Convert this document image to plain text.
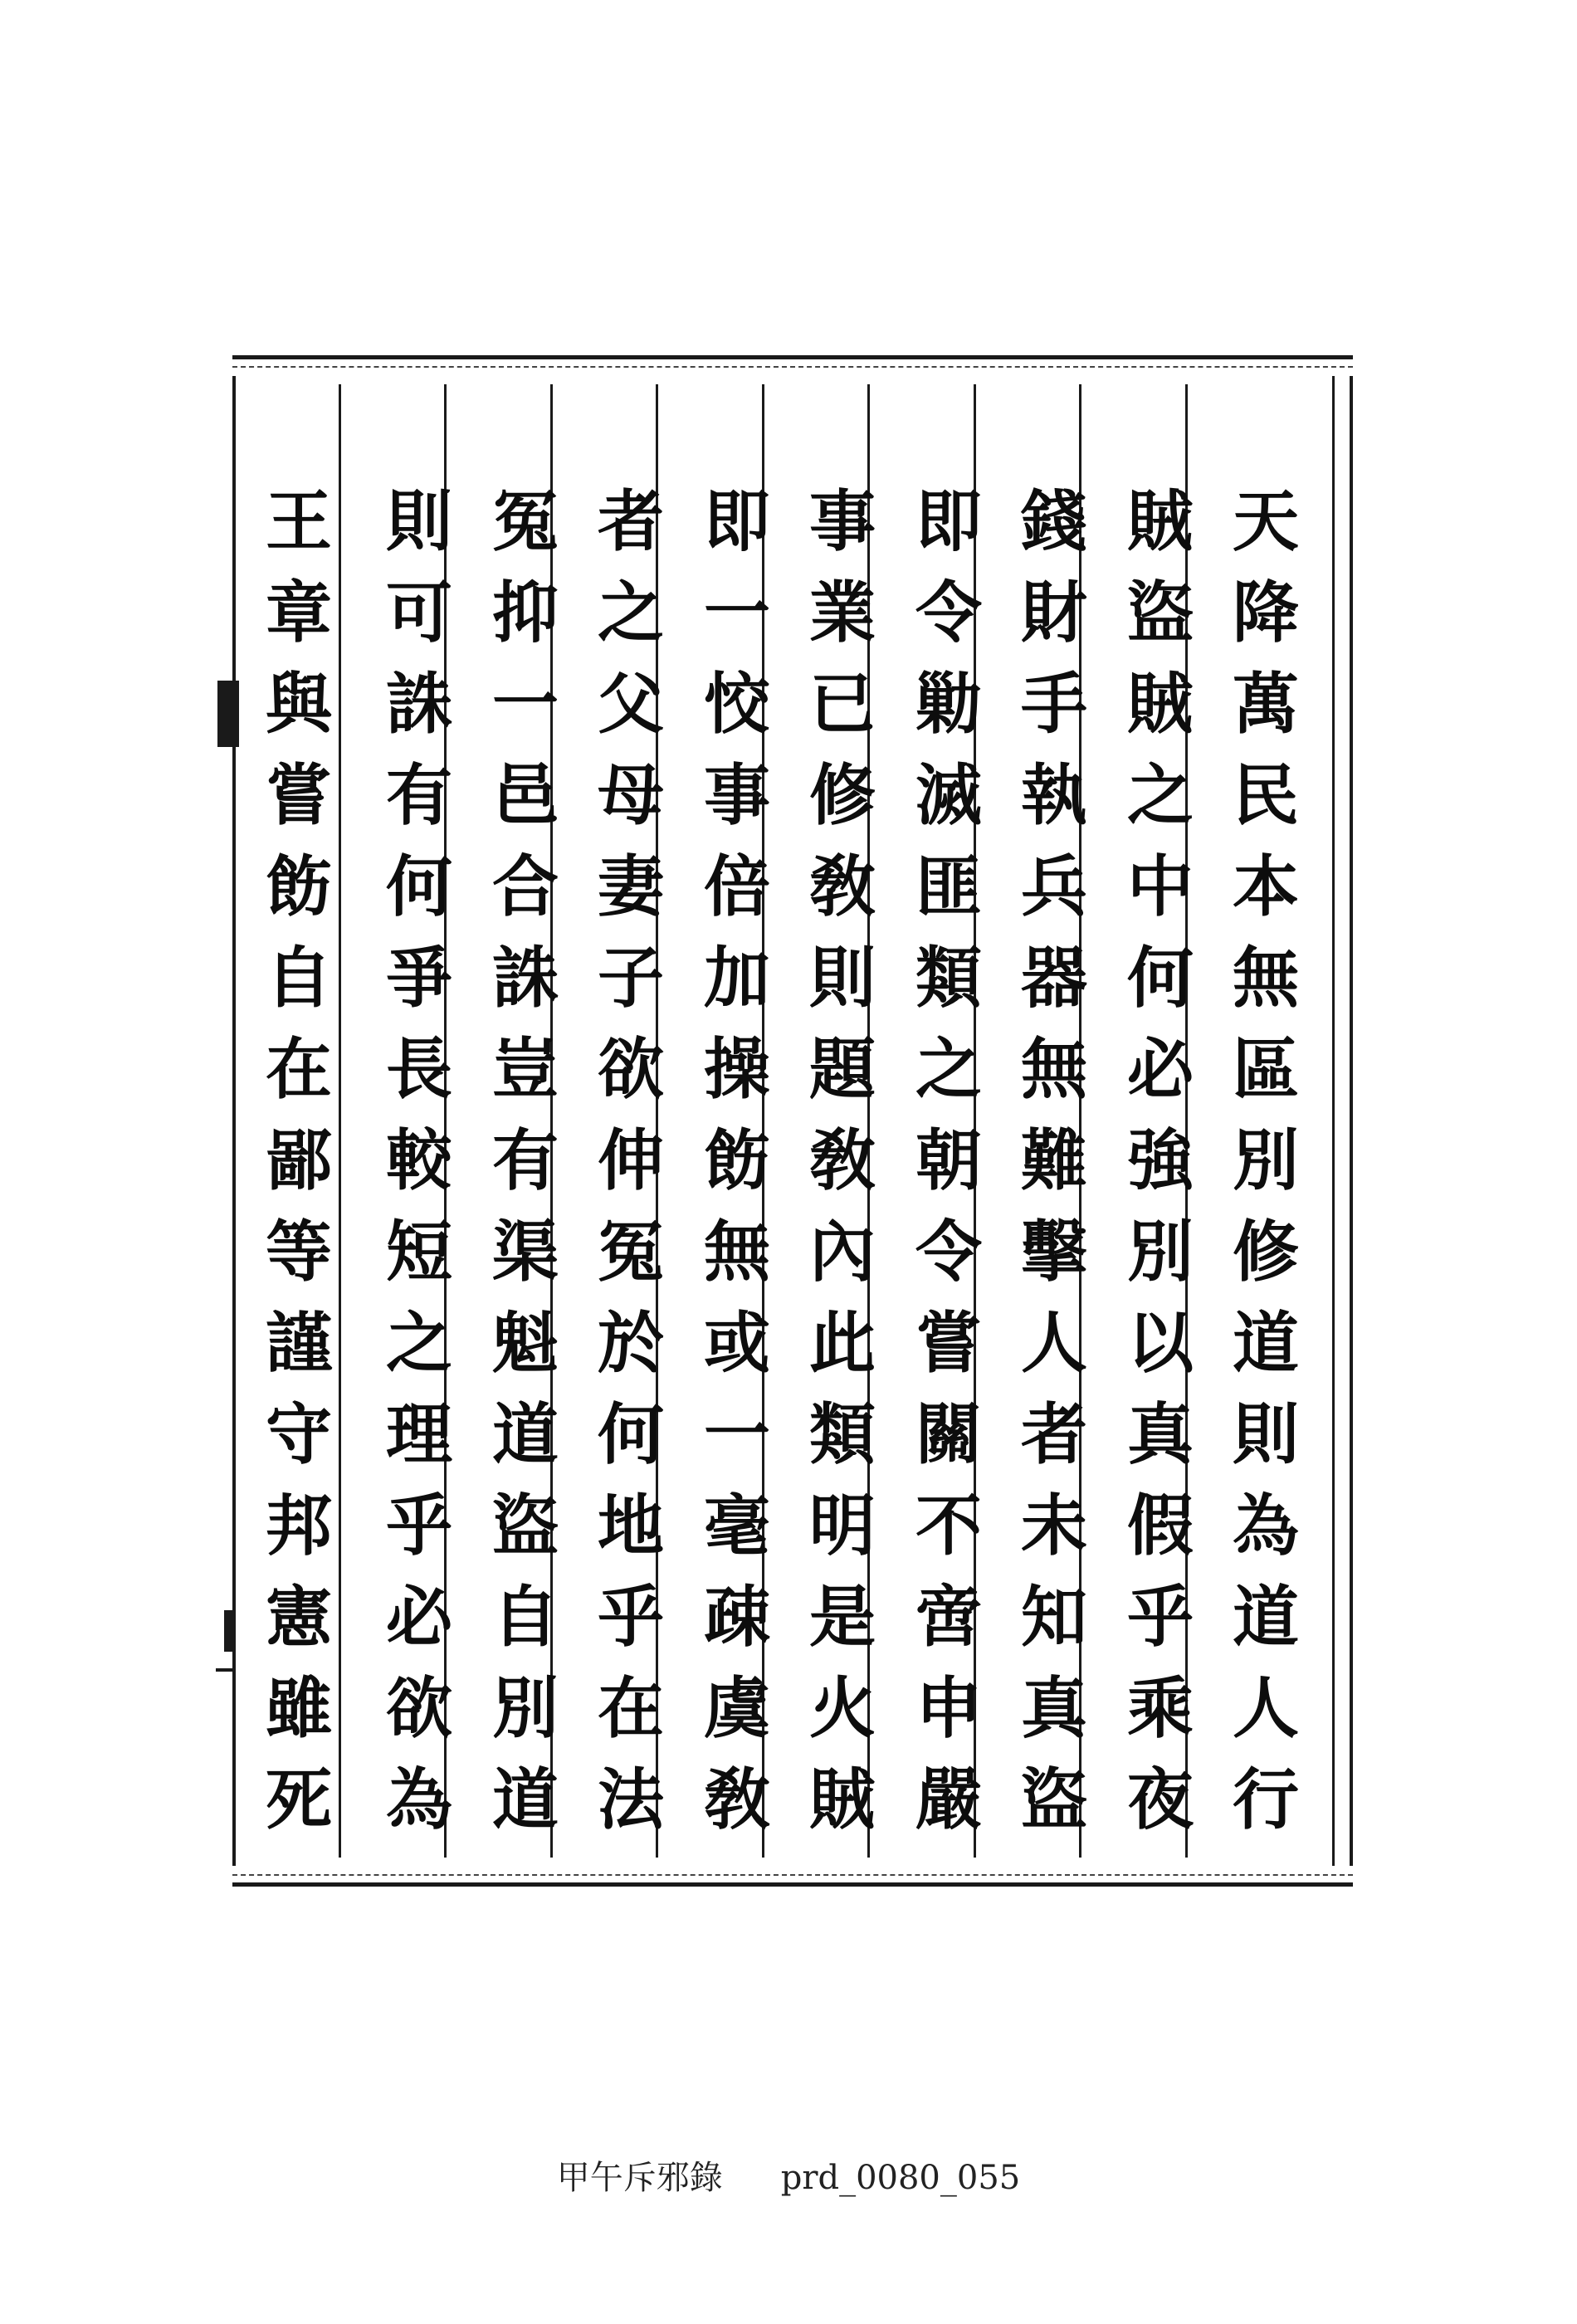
天
降
萬
民
本
無
區
別
修
道
則
為
道
人
行
賊
盜
賊
之
中
何
必
強
別
以
真
假
乎
乘
夜
錢
財
手
執
兵
器
無
難
擊
人
者
未
知
真
盜
即
令
勦
滅
匪
類
之
朝
令
嘗
關
不
啻
申
嚴
事
業
已
修
敎
則
題
敎
內
此
類
明
是
火
賊
即
一
恔
事
倍
加
操
飭
無
或
一
毫
疎
虞
敎
者
之
父
母
妻
子
欲
伸
冤
於
何
地
乎
在
法
冤
抑
一
邑
合
誅
豈
有
渠
魁
道
盜
自
別
道
則
可
誅
有
何
爭
長
較
短
之
理
乎
必
欲
為
王
章
與
嘗
飭
自
在
鄙
等
謹
守
邦
憲
雖
死
甲午斥邪錄 prd_0080_055
